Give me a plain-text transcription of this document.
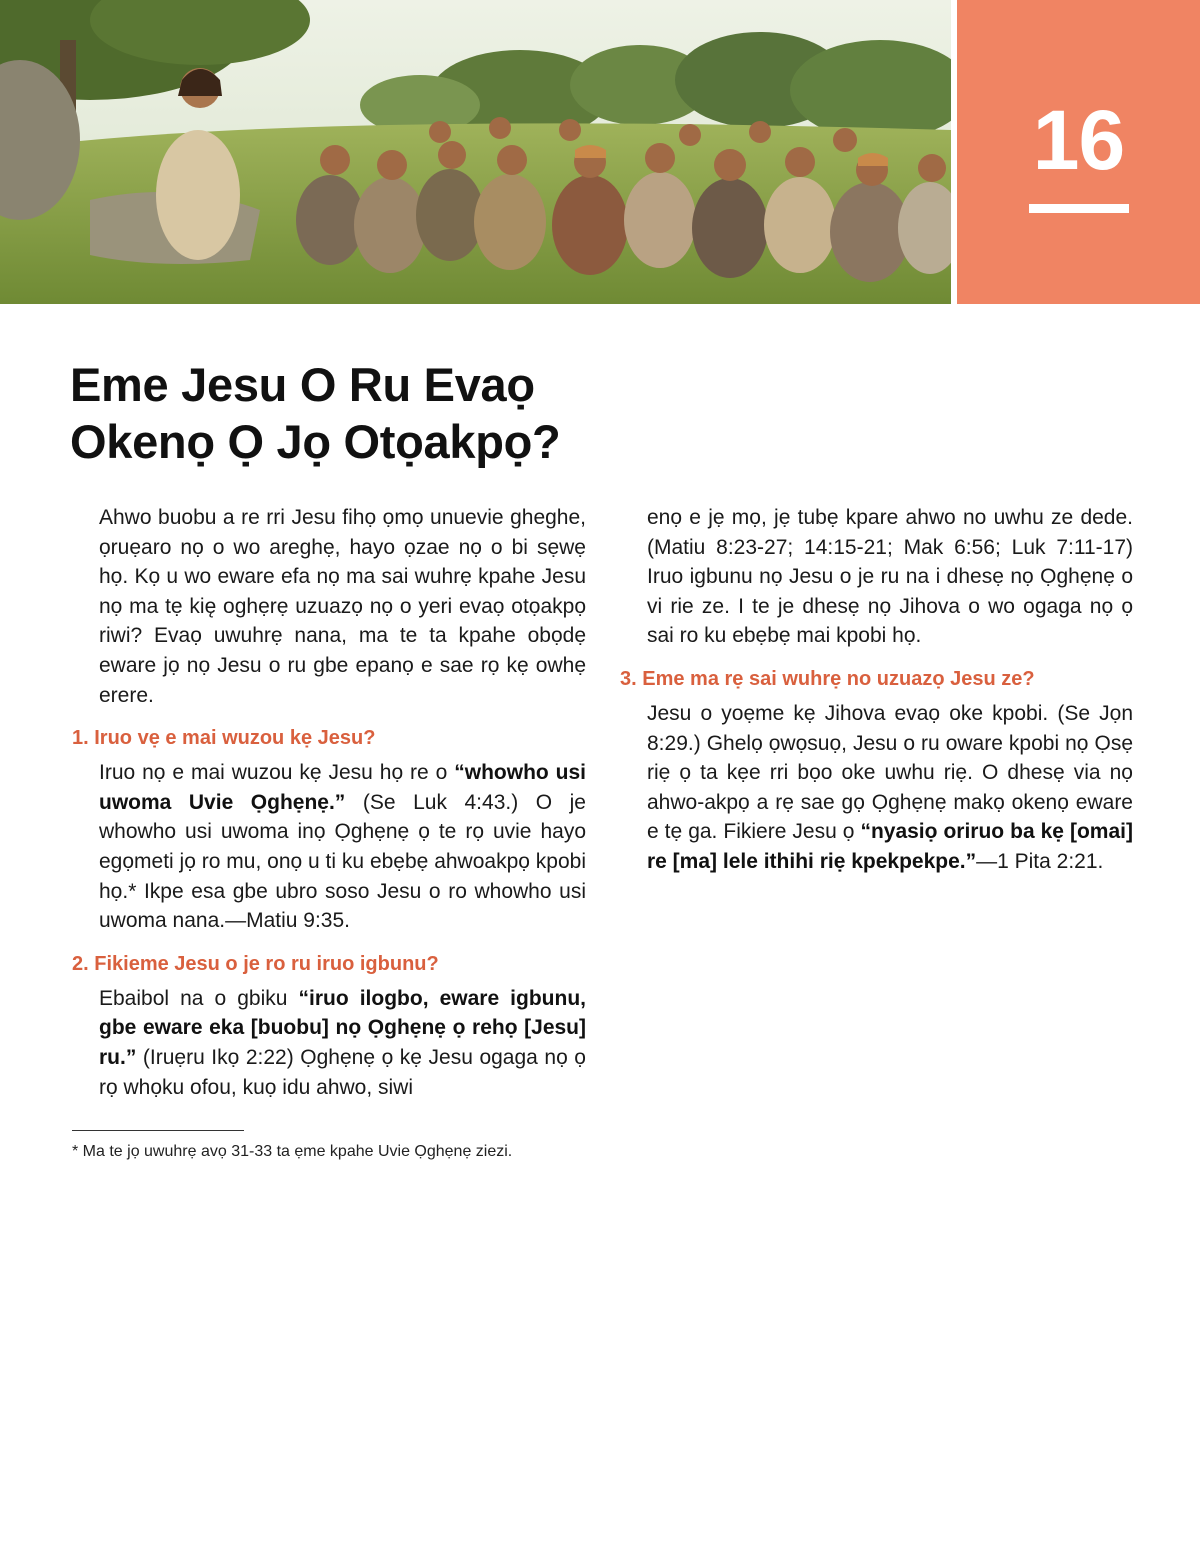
16
Eme Jesu O Ru Evaọ
Okenọ Ọ Jọ Otọakpọ?

Ahwo buobu a re rri Jesu fihọ ọmọ unuevie gheghe, ọruẹaro nọ o wo areghẹ, hayo ọzae nọ o bi sẹwẹ họ. Kọ u wo eware efa nọ ma sai wuhrẹ kpahe Jesu nọ ma tẹ kię oghẹrẹ uzuazọ nọ o yeri evaọ otọakpọ riwi? Evaọ uwuhrẹ nana, ma te ta kpahe obọdẹ eware jọ nọ Jesu o ru gbe epanọ e sae rọ kẹ owhẹ erere.

1. Iruo vẹ e mai wuzou kẹ Jesu?

Iruo nọ e mai wuzou kẹ Jesu họ re o “whowho usi uwoma Uvie Ọghẹnẹ.” (Se Luk 4:43.) O je whowho usi uwoma inọ Ọghẹnẹ ọ te rọ uvie hayo egọmeti jọ ro mu, onọ u ti ku ebẹbẹ ahwoakpọ kpobi họ.* Ikpe esa gbe ubro soso Jesu o ro whowho usi uwoma nana.—Matiu 9:35.

2. Fikieme Jesu o je ro ru iruo igbunu?

Ebaibol na o gbiku “iruo ilogbo, eware igbunu, gbe eware eka [buobu] nọ Ọghẹnẹ ọ rehọ [Jesu] ru.” (Iruẹru Ikọ 2:22) Ọghẹnẹ ọ kẹ Jesu ogaga nọ ọ rọ whọku ofou, kuọ idu ahwo, siwi

enọ e jẹ mọ, jẹ tubẹ kpare ahwo no uwhu ze dede. (Matiu 8:23-27; 14:15-21; Mak 6:56; Luk 7:11-17) Iruo igbunu nọ Jesu o je ru na i dhesẹ nọ Ọghẹnẹ o vi rie ze. I te je dhesẹ nọ Jihova o wo ogaga nọ ọ sai ro ku ebẹbẹ mai kpobi họ.

3. Eme ma rẹ sai wuhrẹ no uzuazọ Jesu ze?

Jesu o yoẹme kẹ Jihova evaọ oke kpobi. (Se Jọn 8:29.) Ghelọ ọwọsuọ, Jesu o ru oware kpobi nọ Ọsẹ riẹ ọ ta kẹe rri bọo oke uwhu riẹ. O dhesẹ via nọ ahwo-akpọ a rẹ sae gọ Ọghẹnẹ makọ okenọ eware e tẹ ga. Fikiere Jesu ọ “nyasiọ oriruo ba kẹ [omai] re [ma] lele ithihi riẹ kpekpekpe.”—1 Pita 2:21.

* Ma te jọ uwuhrẹ avọ 31-33 ta ẹme kpahe Uvie Ọghẹnẹ ziezi.
